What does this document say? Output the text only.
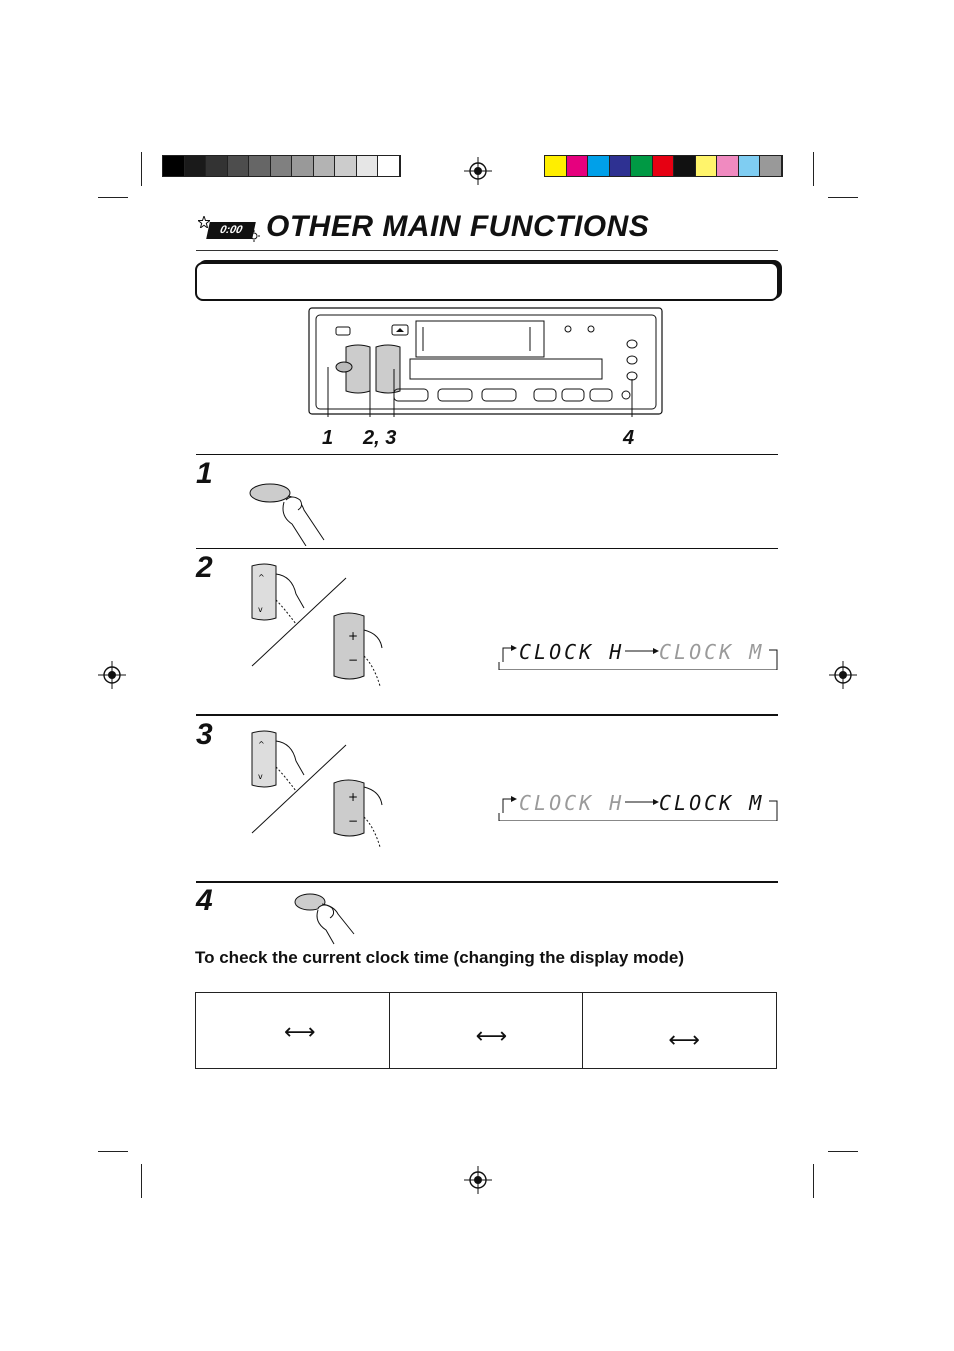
0:00 OTHER MAIN FUNCTIONS
1 2, 3	4
1
2	^
v
+
−	CLOCK H CLOCK M
3	^
v
+
−
CLOCK H CLOCK M
4
To check the current clock time (changing the display mode)
⟷	⟷	⟷
